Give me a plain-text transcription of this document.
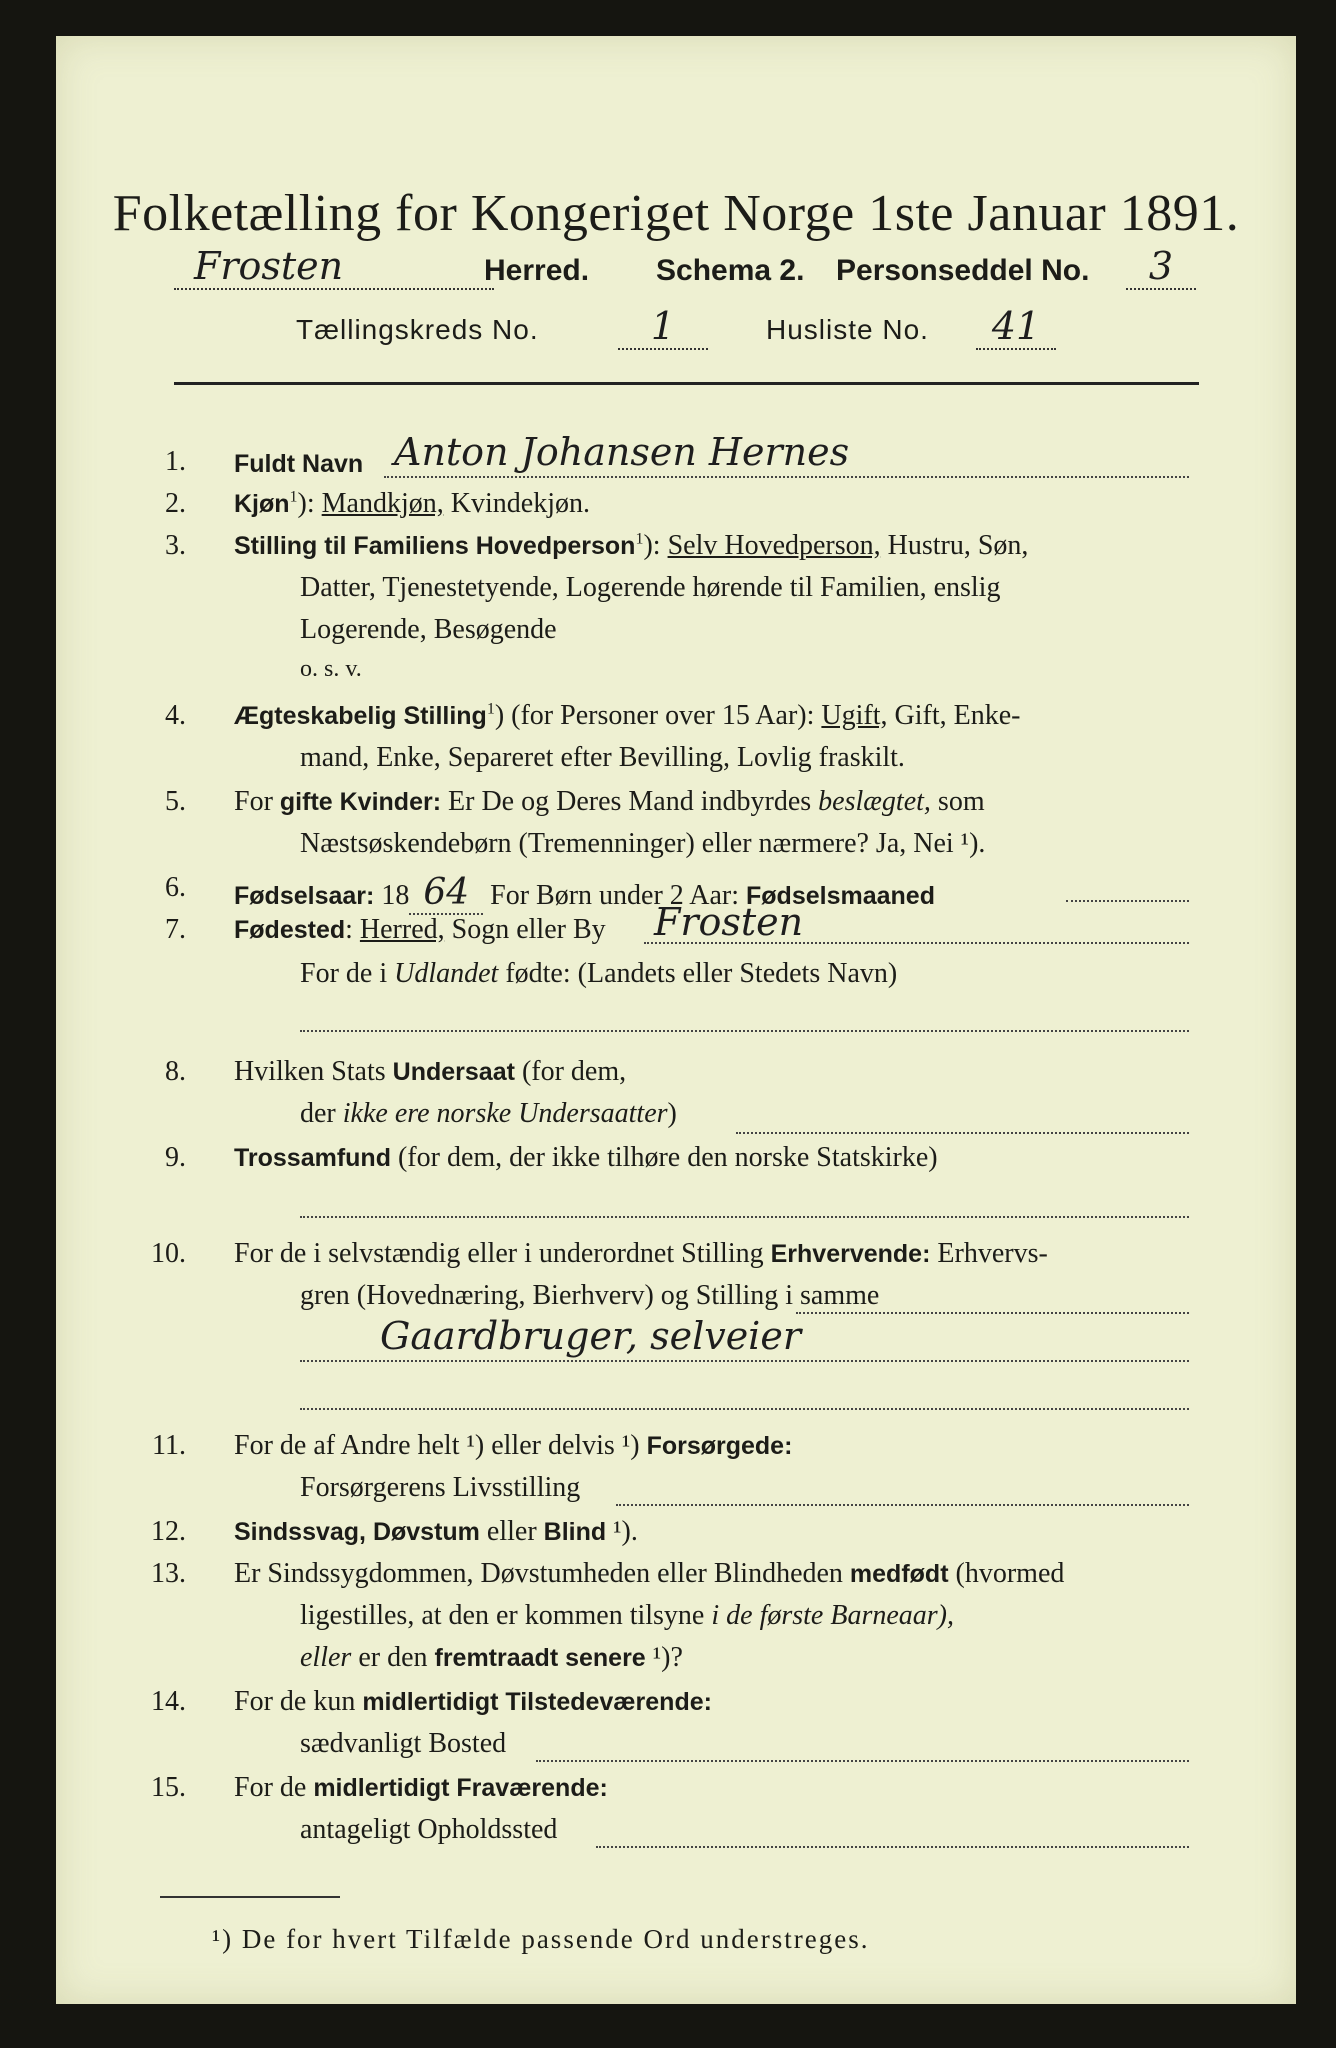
Folketælling for Kongeriget Norge 1ste Januar 1891.
Frosten	Herred. Schema 2. Personseddel No.	3
Tællingskreds No.	1	Husliste No.	41
1. Fuldt Navn Anton Johansen Hernes
2. Kjøn$^1$): Mandkjøn, Kvindekjøn.
3. Stilling til Familiens Hovedperson$^1$): Selv Hovedperson, Hustru, Søn,
Datter, Tjenestetyende, Logerende hørende til Familien, enslig
Logerende, Besøgende
o. s. v.
4. Ægteskabelig Stilling$^1$) (for Personer over 15 Aar): Ugift, Gift, Enke-
mand, Enke, Separeret efter Bevilling, Lovlig fraskilt.
5. For gifte Kvinder: Er De og Deres Mand indbyrdes beslægtet, som
Næstsøskendebørn (Tremenninger) eller nærmere? Ja, Nei ¹).
6. Fødselsaar: 18 64 For Børn under 2 Aar: Fødselsmaaned
7. Fødested: Herred, Sogn eller By Frosten
For de i Udlandet fødte: (Landets eller Stedets Navn)
8. Hvilken Stats Undersaat (for dem,
der ikke ere norske Undersaatter)
9. Trossamfund (for dem, der ikke tilhøre den norske Statskirke)
10. For de i selvstændig eller i underordnet Stilling Erhvervende: Erhvervs-
gren (Hovednæring, Bierhverv) og Stilling i samme
Gaardbruger, selveier
11. For de af Andre helt ¹) eller delvis ¹) Forsørgede:
Forsørgerens Livsstilling
12. Sindssvag, Døvstum eller Blind ¹).
13. Er Sindssygdommen, Døvstumheden eller Blindheden medfødt (hvormed
ligestilles, at den er kommen tilsyne i de første Barneaar),
eller er den fremtraadt senere ¹)?
14. For de kun midlertidigt Tilstedeværende:
sædvanligt Bosted
15. For de midlertidigt Fraværende:
antageligt Opholdssted
¹) De for hvert Tilfælde passende Ord understreges.
